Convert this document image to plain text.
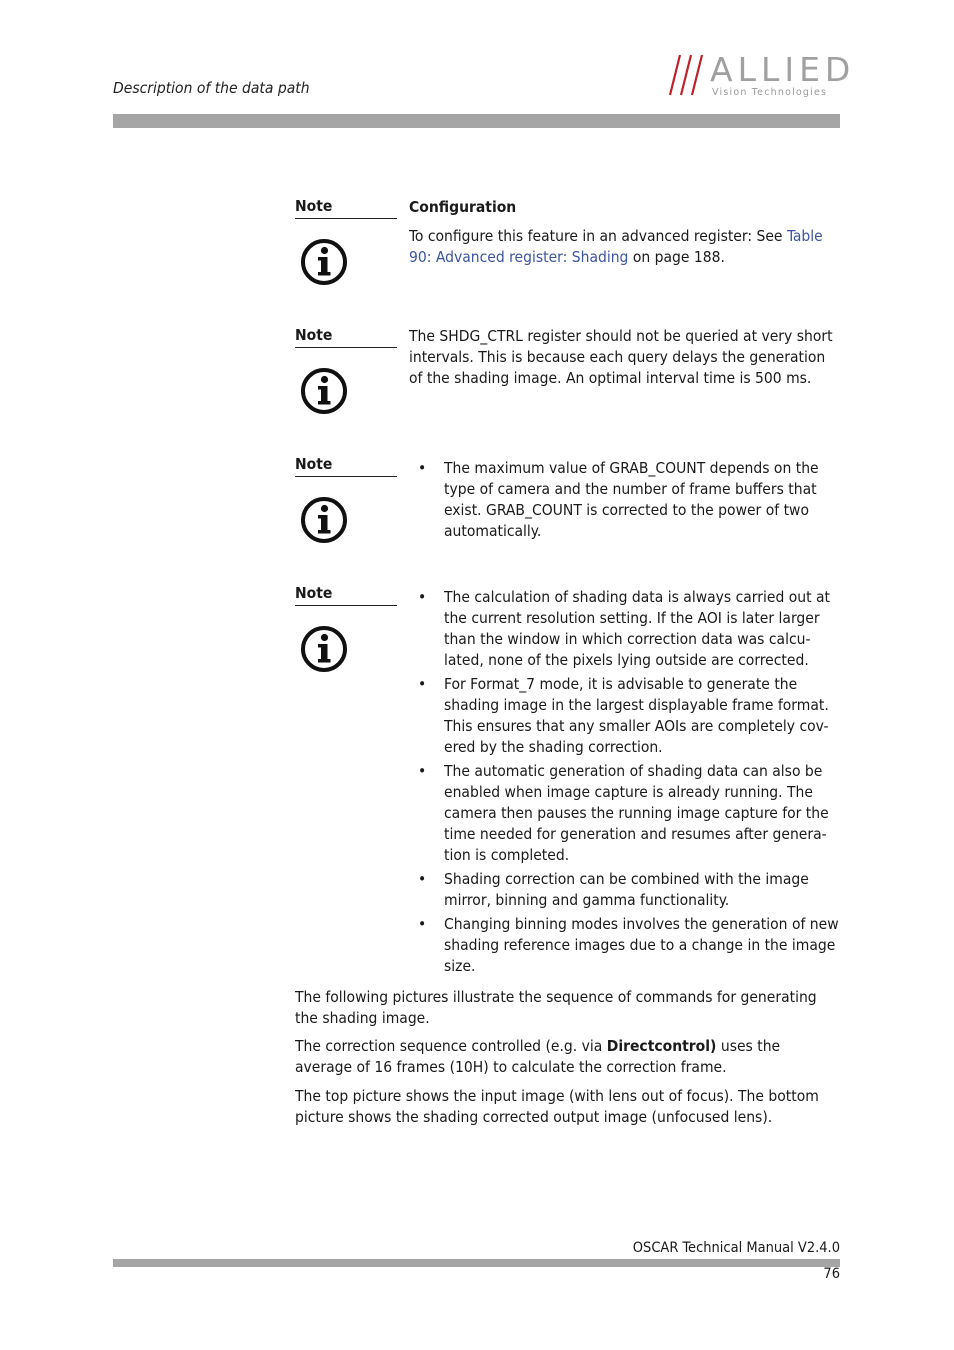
Description of the data path	ALLIED
Vision Technologies
Note	Configuration
To configure this feature in an advanced register: See Table 90: Advanced register: Shading on page 188.
Note	The SHDG_CTRL register should not be queried at very short intervals. This is because each query delays the generation of the shading image. An optimal interval time is 500 ms.
Note	• The maximum value of GRAB_COUNT depends on the type of camera and the number of frame buffers that exist. GRAB_COUNT is corrected to the power of two automatically.
Note	• The calculation of shading data is always carried out at the current resolution setting. If the AOI is later larger than the window in which correction data was calcu-lated, none of the pixels lying outside are corrected.
• For Format_7 mode, it is advisable to generate the shading image in the largest displayable frame format. This ensures that any smaller AOIs are completely cov-ered by the shading correction.
• The automatic generation of shading data can also be enabled when image capture is already running. The camera then pauses the running image capture for the time needed for generation and resumes after genera-tion is completed.
• Shading correction can be combined with the image mirror, binning and gamma functionality.
• Changing binning modes involves the generation of new shading reference images due to a change in the image size.
The following pictures illustrate the sequence of commands for generating the shading image.
The correction sequence controlled (e.g. via Directcontrol) uses the average of 16 frames (10H) to calculate the correction frame.
The top picture shows the input image (with lens out of focus). The bottom picture shows the shading corrected output image (unfocused lens).
OSCAR Technical Manual V2.4.0
76
